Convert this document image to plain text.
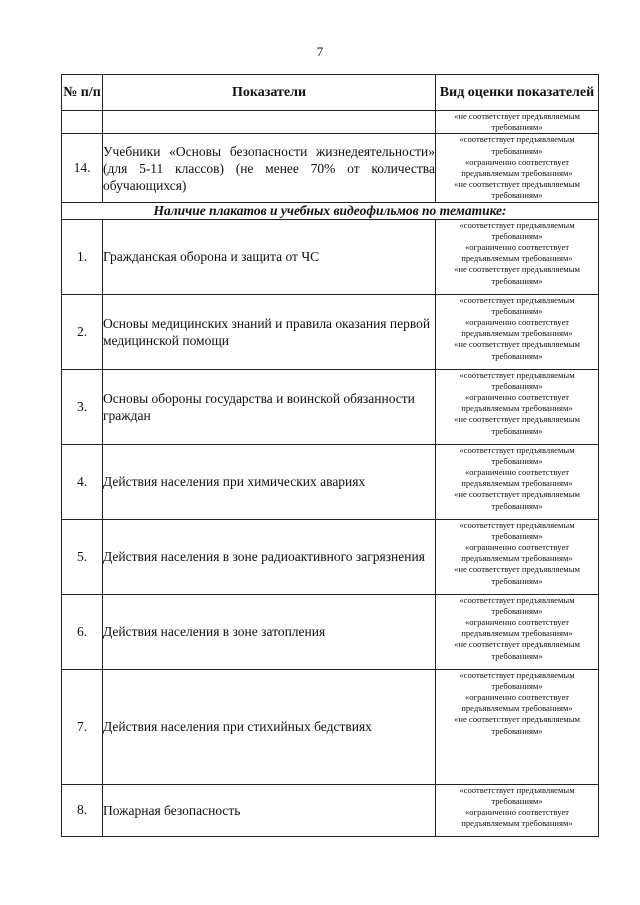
7
№ п/п	Показатели	Вид оценки показателей

		«не соответствует предъявляемым требованиям»

14.	Учебники «Основы безопасности жизнедеятельности» (для 5-11 классов) (не менее 70% от количества обучающихся)	«соответствует предъявляемым требованиям»
«ограниченно соответствует предъявляемым требованиям»
«не соответствует предъявляемым требованиям»

Наличие плакатов и учебных видеофильмов по тематике:		
1.	Гражданская оборона и защита от ЧС	«соответствует предъявляемым требованиям»
«ограниченно соответствует предъявляемым требованиям»
«не соответствует предъявляемым требованиям»

2.	Основы медицинских знаний и правила оказания первой медицинской помощи	«соответствует предъявляемым требованиям»
«ограниченно соответствует предъявляемым требованиям»
«не соответствует предъявляемым требованиям»

3.	Основы обороны государства и воинской обязанности граждан	«соответствует предъявляемым требованиям»
«ограниченно соответствует предъявляемым требованиям»
«не соответствует предъявляемым требованиям»

4.	Действия населения при химических авариях	«соответствует предъявляемым требованиям»
«ограниченно соответствует предъявляемым требованиям»
«не соответствует предъявляемым требованиям»

5.	Действия населения в зоне радиоактивного загрязнения	«соответствует предъявляемым требованиям»
«ограниченно соответствует предъявляемым требованиям»
«не соответствует предъявляемым требованиям»

6.	Действия населения в зоне затопления	«соответствует предъявляемым требованиям»
«ограниченно соответствует предъявляемым требованиям»
«не соответствует предъявляемым требованиям»

7.	Действия населения при стихийных бедствиях	«соответствует предъявляемым требованиям»
«ограниченно соответствует предъявляемым требованиям»
«не соответствует предъявляемым требованиям»

8.	Пожарная безопасность	«соответствует предъявляемым требованиям»
«ограниченно соответствует предъявляемым требованиям»
